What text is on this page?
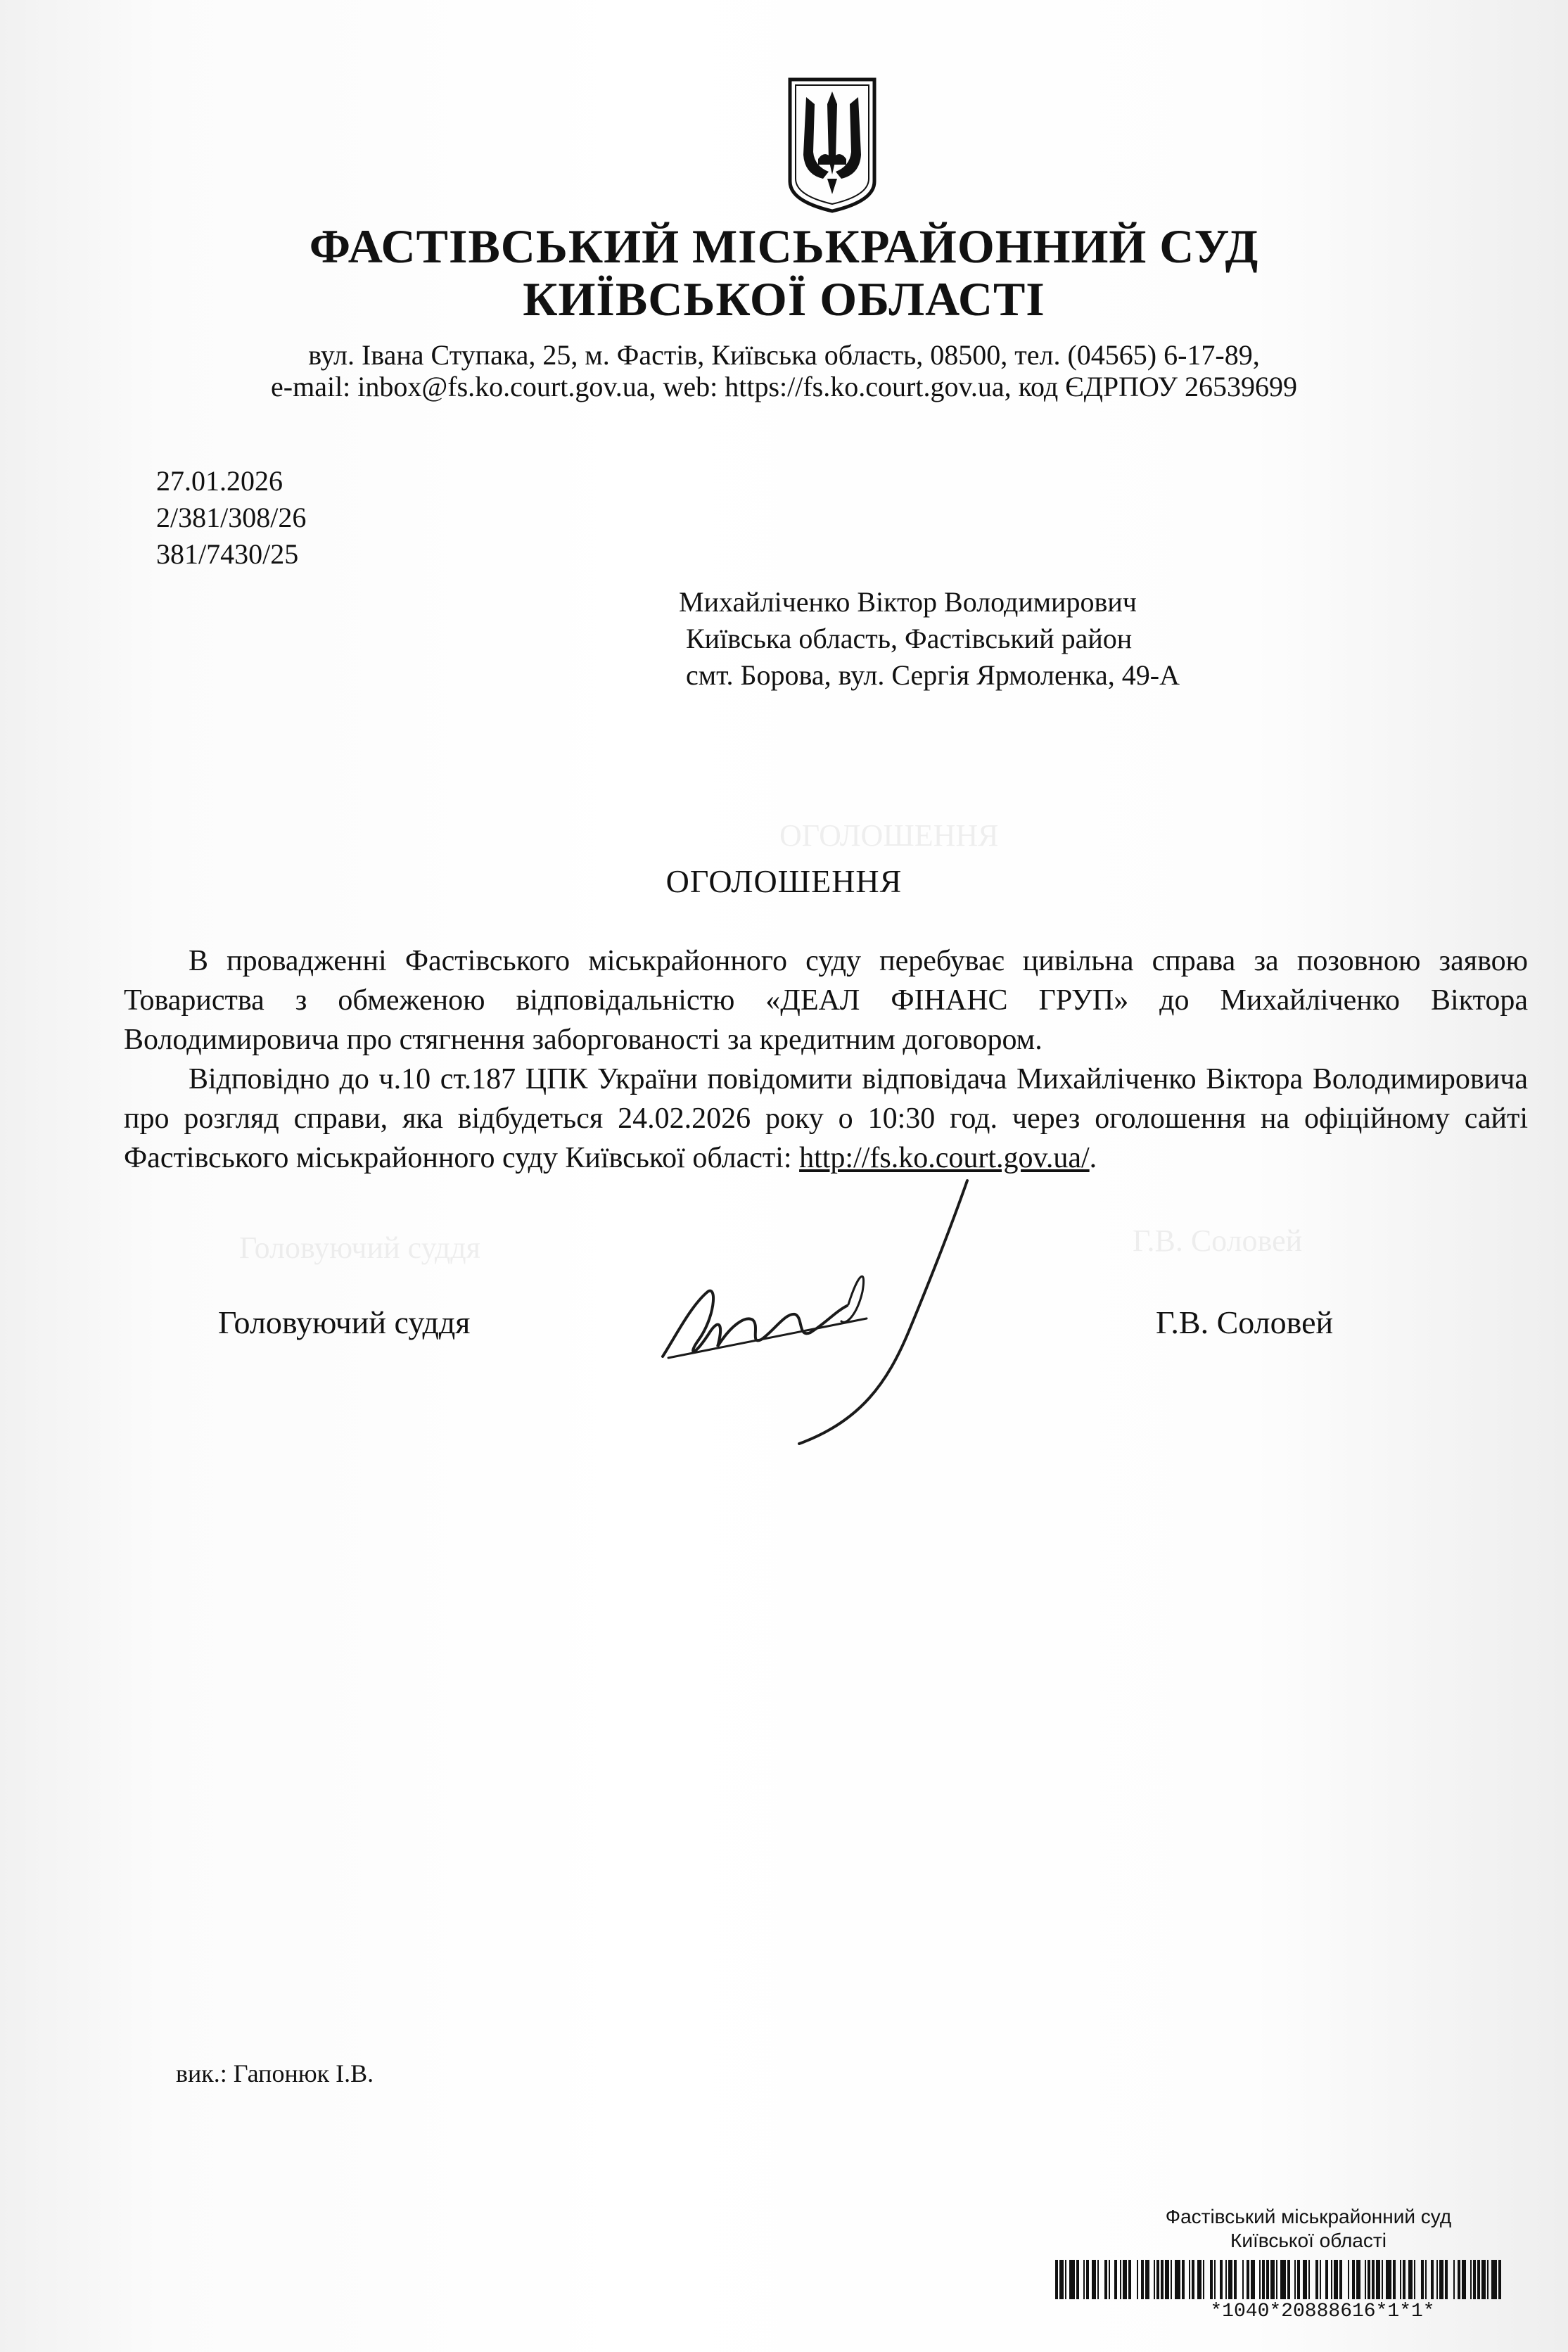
ОГОЛОШЕННЯ
Головуючий суддя	Г.В. Соловей
ФАСТІВСЬКИЙ МІСЬКРАЙОННИЙ СУД
КИЇВСЬКОЇ ОБЛАСТІ
вул. Івана Ступака, 25, м. Фастів, Київська область, 08500, тел. (04565) 6-17-89,
e-mail: inbox@fs.ko.court.gov.ua, web: https://fs.ko.court.gov.ua, код ЄДРПОУ 26539699
27.01.2026
2/381/308/26
381/7430/25
Михайліченко Віктор Володимирович
Київська область, Фастівський район
смт. Борова, вул. Сергія Ярмоленка, 49-А
ОГОЛОШЕННЯ

В провадженні Фастівського міськрайонного суду перебуває цивільна справа за позовною заявою Товариства з обмеженою відповідальністю «ДЕАЛ ФІНАНС ГРУП» до Михайліченко Віктора Володимировича про стягнення заборгованості за кредитним договором.

Відповідно до ч.10 ст.187 ЦПК України повідомити відповідача Михайліченко Віктора Володимировича про розгляд справи, яка відбудеться 24.02.2026 року о 10:30 год. через оголошення на офіційному сайті Фастівського міськрайонного суду Київської області: http://fs.ko.court.gov.ua/.

Головуючий суддя	Г.В. Соловей
вик.: Гапонюк І.В.
Фастівський міськрайонний суд
Київської області
*1040*20888616*1*1*
